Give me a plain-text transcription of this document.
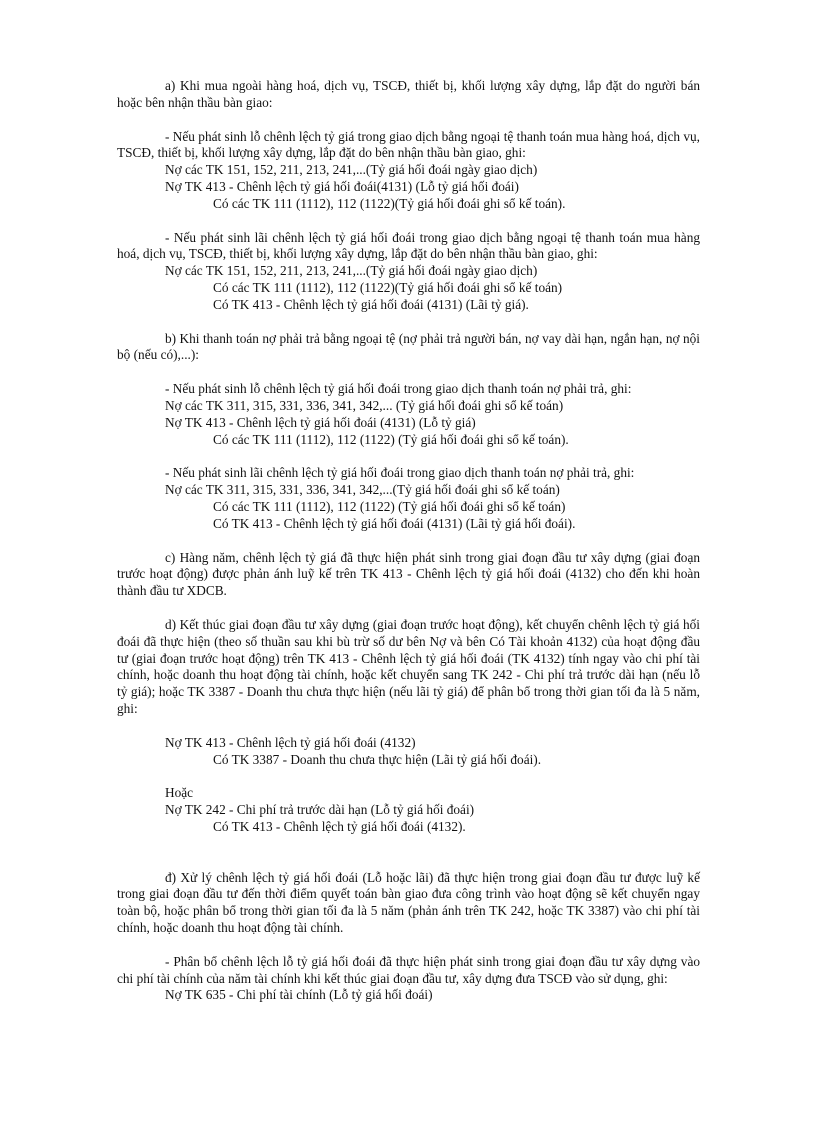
a) Khi mua ngoài hàng hoá, dịch vụ, TSCĐ, thiết bị, khối lượng xây dựng, lắp đặt do người bán hoặc bên nhận thầu bàn giao:

- Nếu phát sinh lỗ chênh lệch tỷ giá trong giao dịch bằng ngoại tệ thanh toán mua hàng hoá, dịch vụ, TSCĐ, thiết bị, khối lượng xây dựng, lắp đặt do bên nhận thầu bàn giao, ghi:
Nợ các TK 151, 152, 211, 213, 241,...(Tỷ giá hối đoái ngày giao dịch)
Nợ TK 413 - Chênh lệch tỷ giá hối đoái(4131) (Lỗ tỷ giá hối đoái)
Có các TK 111 (1112), 112 (1122)(Tỷ giá hối đoái ghi sổ kế toán).
- Nếu phát sinh lãi chênh lệch tỷ giá hối đoái trong giao dịch bằng ngoại tệ thanh toán mua hàng hoá, dịch vụ, TSCĐ, thiết bị, khối lượng xây dựng, lắp đặt do bên nhận thầu bàn giao, ghi:
Nợ các TK 151, 152, 211, 213, 241,...(Tỷ giá hối đoái ngày giao dịch)
Có các TK 111 (1112), 112 (1122)(Tỷ giá hối đoái ghi sổ kế toán)
Có TK 413 - Chênh lệch tỷ giá hối đoái (4131) (Lãi tỷ giá).

b) Khi thanh toán nợ phải trả bằng ngoại tệ (nợ phải trả người bán, nợ vay dài hạn, ngắn hạn, nợ nội bộ (nếu có),...):

- Nếu phát sinh lỗ chênh lệch tỷ giá hối đoái trong giao dịch thanh toán nợ phải trả, ghi:
Nợ các TK 311, 315, 331, 336, 341, 342,... (Tỷ giá hối đoái ghi sổ kế toán)
Nợ TK 413 - Chênh lệch tỷ giá hối đoái (4131) (Lỗ tỷ giá)
Có các TK 111 (1112), 112 (1122) (Tỷ giá hối đoái ghi sổ kế toán).
- Nếu phát sinh lãi chênh lệch tỷ giá hối đoái trong giao dịch thanh toán nợ phải trả, ghi:
Nợ các TK 311, 315, 331, 336, 341, 342,...(Tỷ giá hối đoái ghi sổ kế toán)
Có các TK 111 (1112), 112 (1122) (Tỷ giá hối đoái ghi sổ kế toán)
Có TK 413 - Chênh lệch tỷ giá hối đoái (4131) (Lãi tỷ giá hối đoái).

c) Hàng năm, chênh lệch tỷ giá đã thực hiện phát sinh trong giai đoạn đầu tư xây dựng (giai đoạn trước hoạt động) được phản ánh luỹ kế trên TK 413 - Chênh lệch tỷ giá hối đoái (4132) cho đến khi hoàn thành đầu tư XDCB.

d) Kết thúc giai đoạn đầu tư xây dựng (giai đoạn trước hoạt động), kết chuyển chênh lệch tỷ giá hối đoái đã thực hiện (theo số thuần sau khi bù trừ số dư bên Nợ và bên Có Tài khoản 4132) của hoạt động đầu tư (giai đoạn trước hoạt động) trên TK 413 - Chênh lệch tỷ giá hối đoái (TK 4132) tính ngay vào chi phí tài chính, hoặc doanh thu hoạt động tài chính, hoặc kết chuyển sang TK 242 - Chi phí trả trước dài hạn (nếu lỗ tỷ giá); hoặc TK 3387 - Doanh thu chưa thực hiện (nếu lãi tỷ giá) để phân bổ trong thời gian tối đa là 5 năm, ghi:

Nợ TK 413 - Chênh lệch tỷ giá hối đoái (4132)
Có TK 3387 - Doanh thu chưa thực hiện (Lãi tỷ giá hối đoái).
Hoặc
Nợ TK 242 - Chi phí trả trước dài hạn (Lỗ tỷ giá hối đoái)
Có TK 413 - Chênh lệch tỷ giá hối đoái (4132).

đ) Xử lý chênh lệch tỷ giá hối đoái (Lỗ hoặc lãi) đã thực hiện trong giai đoạn đầu tư được luỹ kế trong giai đoạn đầu tư đến thời điểm quyết toán bàn giao đưa công trình vào hoạt động sẽ kết chuyển ngay toàn bộ, hoặc phân bổ trong thời gian tối đa là 5 năm (phản ánh trên TK 242, hoặc TK 3387) vào chi phí tài chính, hoặc doanh thu hoạt động tài chính.

- Phân bổ chênh lệch lỗ tỷ giá hối đoái đã thực hiện phát sinh trong giai đoạn đầu tư xây dựng vào chi phí tài chính của năm tài chính khi kết thúc giai đoạn đầu tư, xây dựng đưa TSCĐ vào sử dụng, ghi:
Nợ TK 635 - Chi phí tài chính (Lỗ tỷ giá hối đoái)
